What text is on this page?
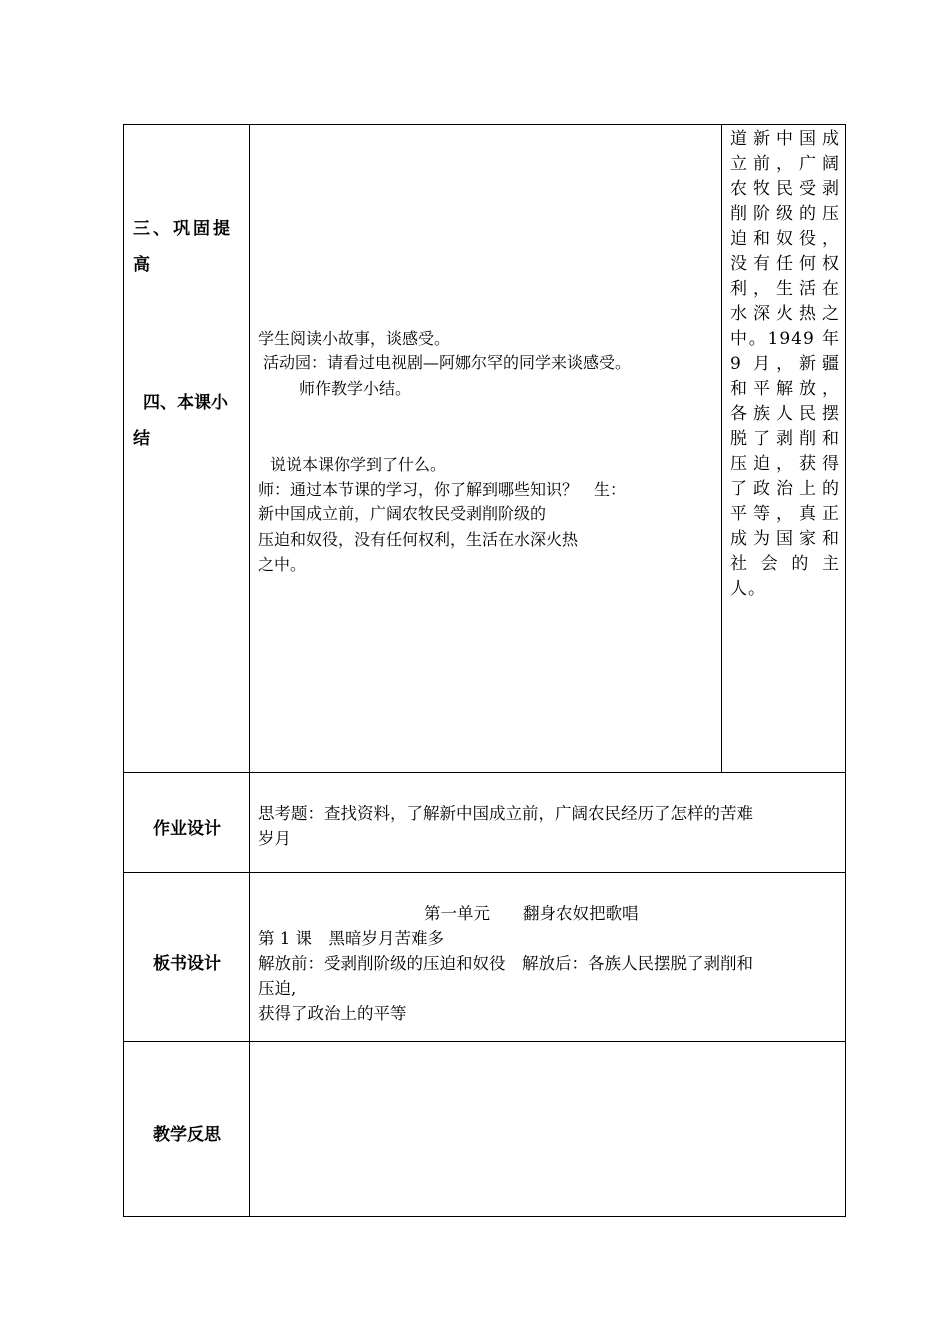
三、巩固提
高
四、本课小
结
学生阅读小故事，谈感受。
活动园：请看过电视剧—阿娜尔罕的同学来谈感受。
师作教学小结。
说说本课你学到了什么。
师：通过本节课的学习，你了解到哪些知识？　生：
新中国成立前，广阔农牧民受剥削阶级的
压迫和奴役，没有任何权利，生活在水深火热
之中。
道新中国成
立前，广阔
农牧民受剥
削阶级的压
迫和奴役，
没有任何权
利，生活在
水深火热之
中。1949 年
9 月，新疆
和平解放，
各族人民摆
脱了剥削和
压迫，获得
了政治上的
平等，真正
成为国家和
社会的主
人。
作业设计
思考题：查找资料，了解新中国成立前，广阔农民经历了怎样的苦难
岁月
板书设计
第一单元　　翻身农奴把歌唱
第 1 课　黑暗岁月苦难多
解放前：受剥削阶级的压迫和奴役　解放后：各族人民摆脱了剥削和
压迫,
获得了政治上的平等
教学反思
